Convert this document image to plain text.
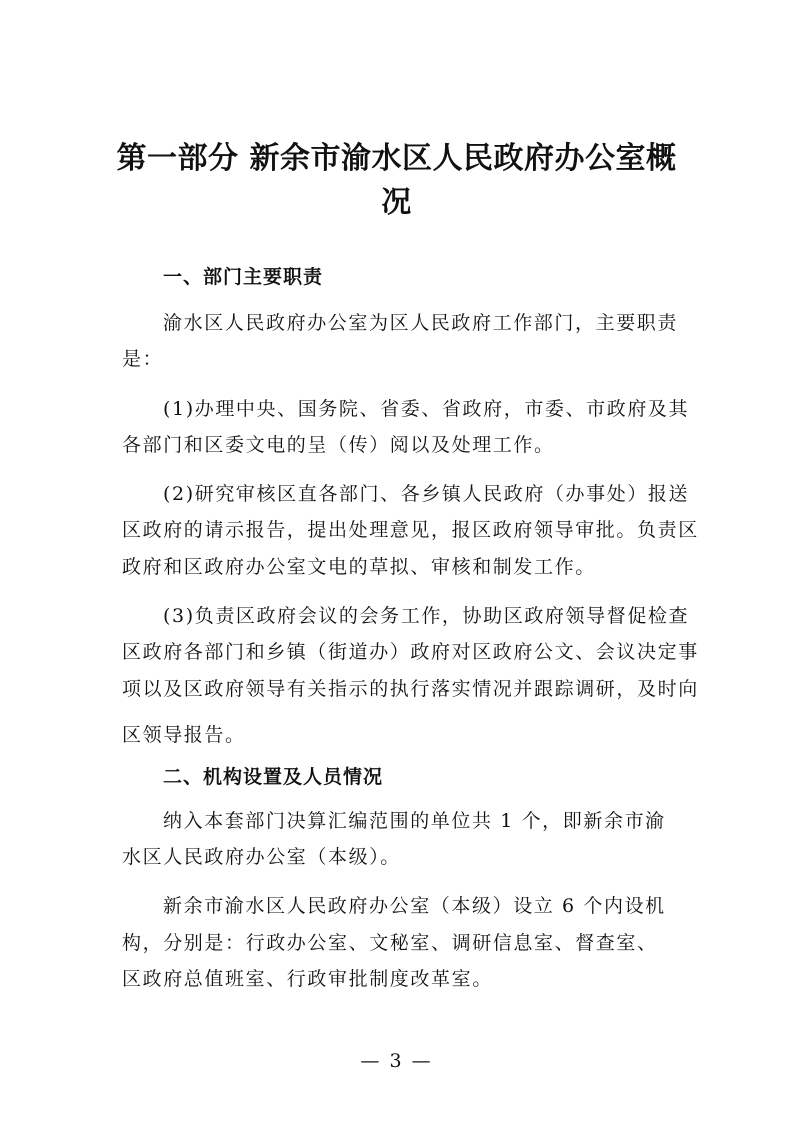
第一部分 新余市渝水区人民政府办公室概
况
一、部门主要职责

渝水区人民政府办公室为区人民政府工作部门，主要职责

是：

(1)办理中央、国务院、省委、省政府，市委、市政府及其

各部门和区委文电的呈（传）阅以及处理工作。

(2)研究审核区直各部门、各乡镇人民政府（办事处）报送

区政府的请示报告，提出处理意见，报区政府领导审批。负责区

政府和区政府办公室文电的草拟、审核和制发工作。

(3)负责区政府会议的会务工作，协助区政府领导督促检查

区政府各部门和乡镇（街道办）政府对区政府公文、会议决定事

项以及区政府领导有关指示的执行落实情况并跟踪调研，及时向

区领导报告。

二、机构设置及人员情况

纳入本套部门决算汇编范围的单位共 1 个，即新余市渝

水区人民政府办公室（本级）。

新余市渝水区人民政府办公室（本级）设立 6 个内设机

构，分别是：行政办公室、文秘室、调研信息室、督查室、

区政府总值班室、行政审批制度改革室。

— 3 —
